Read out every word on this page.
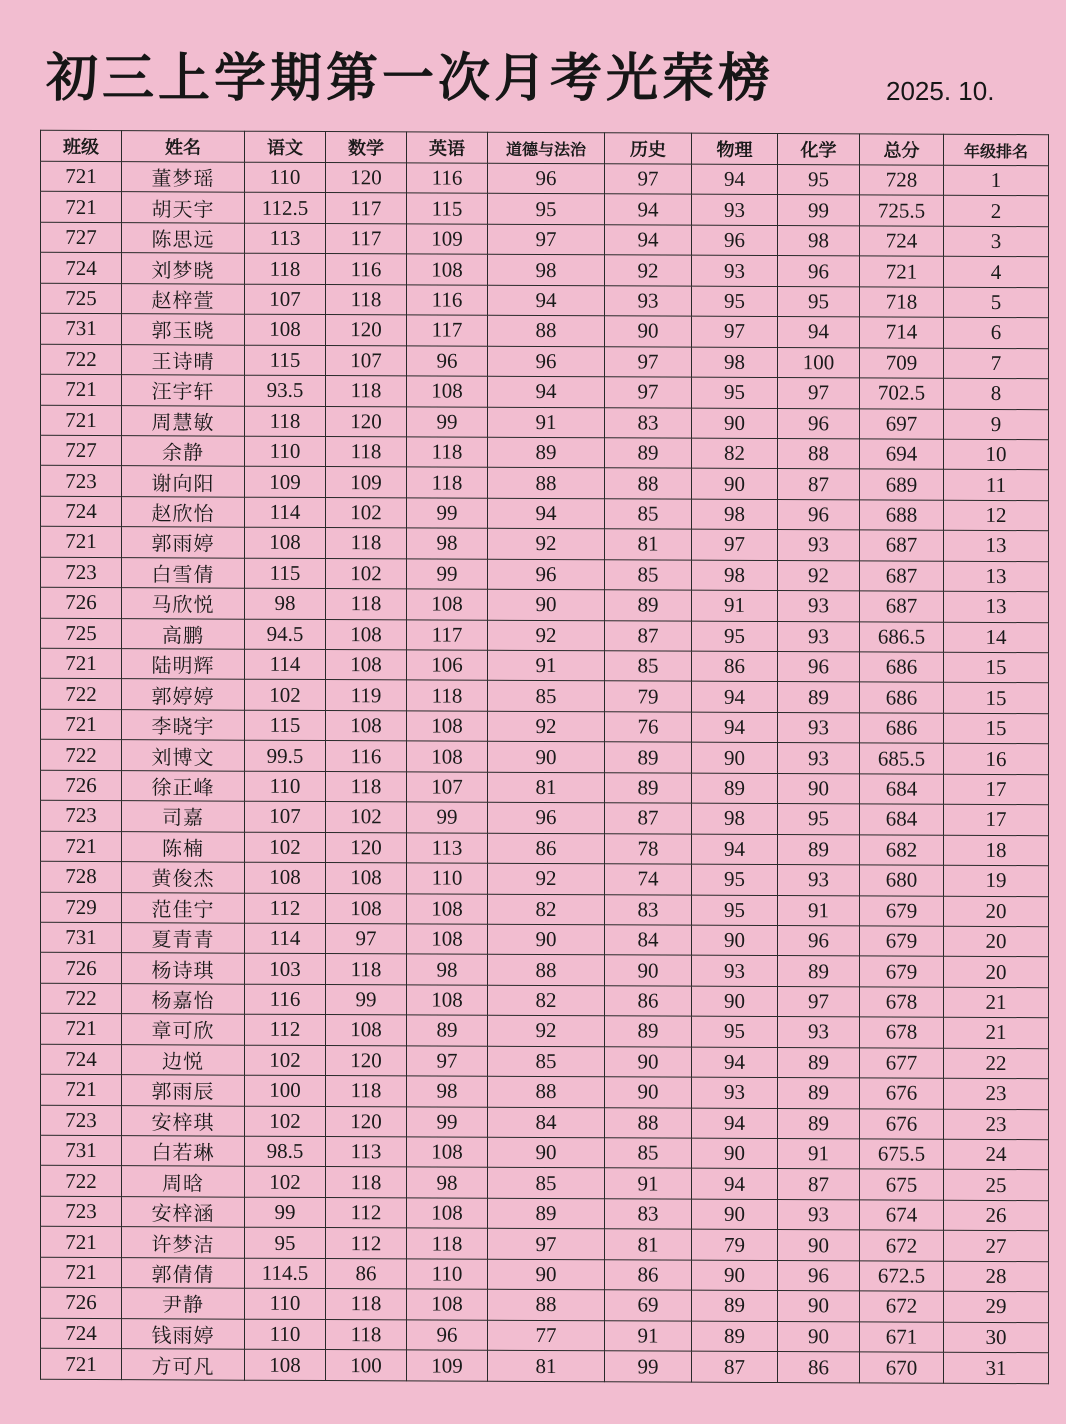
初三上学期第一次月考光荣榜	2025. 10.
班级	姓名	语文	数学	英语	道德与法治	历史	物理	化学	总分	年级排名
721	董梦瑶	110	120	116	96	97	94	95	728	1
721	胡天宇	112.5	117	115	95	94	93	99	725.5	2
727	陈思远	113	117	109	97	94	96	98	724	3
724	刘梦晓	118	116	108	98	92	93	96	721	4
725	赵梓萱	107	118	116	94	93	95	95	718	5
731	郭玉晓	108	120	117	88	90	97	94	714	6
722	王诗晴	115	107	96	96	97	98	100	709	7
721	汪宇轩	93.5	118	108	94	97	95	97	702.5	8
721	周慧敏	118	120	99	91	83	90	96	697	9
727	余静	110	118	118	89	89	82	88	694	10
723	谢向阳	109	109	118	88	88	90	87	689	11
724	赵欣怡	114	102	99	94	85	98	96	688	12
721	郭雨婷	108	118	98	92	81	97	93	687	13
723	白雪倩	115	102	99	96	85	98	92	687	13
726	马欣悦	98	118	108	90	89	91	93	687	13
725	高鹏	94.5	108	117	92	87	95	93	686.5	14
721	陆明辉	114	108	106	91	85	86	96	686	15
722	郭婷婷	102	119	118	85	79	94	89	686	15
721	李晓宇	115	108	108	92	76	94	93	686	15
722	刘博文	99.5	116	108	90	89	90	93	685.5	16
726	徐正峰	110	118	107	81	89	89	90	684	17
723	司嘉	107	102	99	96	87	98	95	684	17
721	陈楠	102	120	113	86	78	94	89	682	18
728	黄俊杰	108	108	110	92	74	95	93	680	19
729	范佳宁	112	108	108	82	83	95	91	679	20
731	夏青青	114	97	108	90	84	90	96	679	20
726	杨诗琪	103	118	98	88	90	93	89	679	20
722	杨嘉怡	116	99	108	82	86	90	97	678	21
721	章可欣	112	108	89	92	89	95	93	678	21
724	边悦	102	120	97	85	90	94	89	677	22
721	郭雨辰	100	118	98	88	90	93	89	676	23
723	安梓琪	102	120	99	84	88	94	89	676	23
731	白若琳	98.5	113	108	90	85	90	91	675.5	24
722	周晗	102	118	98	85	91	94	87	675	25
723	安梓涵	99	112	108	89	83	90	93	674	26
721	许梦洁	95	112	118	97	81	79	90	672	27
721	郭倩倩	114.5	86	110	90	86	90	96	672.5	28
726	尹静	110	118	108	88	69	89	90	672	29
724	钱雨婷	110	118	96	77	91	89	90	671	30
721	方可凡	108	100	109	81	99	87	86	670	31
